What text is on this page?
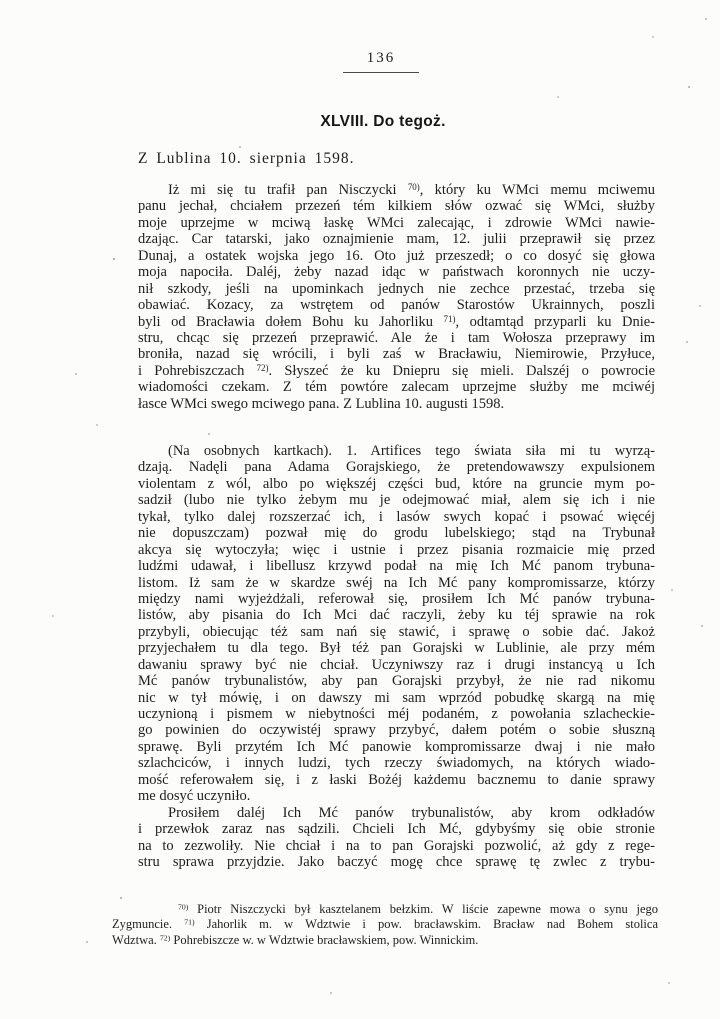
136
XLVIII. Do tegoż.
Z Lublina 10. sierpnia 1598.
Iż mi się tu trafił pan Nisczycki $^{70)}$, który ku WMci memu mciwemu
panu jechał, chciałem przezeń tém kilkiem słów ozwać się WMci, służby
moje uprzejme w mciwą łaskę WMci zalecając, i zdrowie WMci nawie-
dzając. Car tatarski, jako oznajmienie mam, 12. julii przeprawił się przez
Dunaj, a ostatek wojska jego 16. Oto już przeszedł; o co dosyć się głowa
moja napociła. Daléj, żeby nazad idąc w państwach koronnych nie uczy-
nił szkody, jeśli na upominkach jednych nie zechce przestać, trzeba się
obawiać. Kozacy, za wstrętem od panów Starostów Ukrainnych, poszli
byli od Bracławia dołem Bohu ku Jahorliku $^{71)}$, odtamtąd przyparli ku Dnie-
stru, chcąc się przezeń przeprawić. Ale że i tam Wołosza przeprawy im
broniła, nazad się wrócili, i byli zaś w Bracławiu, Niemirowie, Przyłuce,
i Pohrebiszczach $^{72)}$. Słyszeć że ku Dniepru się mieli. Dalszéj o powrocie
wiadomości czekam. Z tém powtóre zalecam uprzejme służby me mciwéj
łasce WMci swego mciwego pana. Z Lublina 10. augusti 1598.
(Na osobnych kartkach). 1. Artifices tego świata siła mi tu wyrzą-
dzają. Nadęli pana Adama Gorajskiego, że pretendowawszy expulsionem
violentam z wól, albo po większéj części bud, które na gruncie mym po-
sadził (lubo nie tylko żebym mu je odejmować miał, alem się ich i nie
tykał, tylko dalej rozszerzać ich, i lasów swych kopać i psować więcéj
nie dopuszczam) pozwał mię do grodu lubelskiego; stąd na Trybunał
akcya się wytoczyła; więc i ustnie i przez pisania rozmaicie mię przed
ludźmi udawał, i libellusz krzywd podał na mię Ich Mć panom trybuna-
listom. Iż sam że w skardze swéj na Ich Mć pany kompromissarze, którzy
między nami wyjeżdżali, referował się, prosiłem Ich Mć panów trybuna-
listów, aby pisania do Ich Mci dać raczyli, żeby ku téj sprawie na rok
przybyli, obiecując téż sam nań się stawić, i sprawę o sobie dać. Jakoż
przyjechałem tu dla tego. Był téż pan Gorajski w Lublinie, ale przy mém
dawaniu sprawy być nie chciał. Uczyniwszy raz i drugi instancyą u Ich
Mć panów trybunalistów, aby pan Gorajski przybył, że nie rad nikomu
nic w tył mówię, i on dawszy mi sam wprzód pobudkę skargą na mię
uczynioną i pismem w niebytności méj podaném, z powołania szlacheckie-
go powinien do oczywistéj sprawy przybyć, dałem potém o sobie słuszną
sprawę. Byli przytém Ich Mć panowie kompromissarze dwaj i nie mało
szlachciców, i innych ludzi, tych rzeczy świadomych, na których wiado-
mość referowałem się, i z łaski Bożéj każdemu bacznemu to danie sprawy
me dosyć uczyniło.
Prosiłem daléj Ich Mć panów trybunalistów, aby krom odkładów
i przewłok zaraz nas sądzili. Chcieli Ich Mć, gdybyśmy się obie stronie
na to zezwoliły. Nie chciał i na to pan Gorajski pozwolić, aż gdy z rege-
stru sprawa przyjdzie. Jako baczyć mogę chce sprawę tę zwlec z trybu-
$^{70)}$ Piotr Niszczycki był kasztelanem bełzkim. W liście zapewne mowa o synu jego
Zygmuncie. $^{71)}$ Jahorlik m. w Wdztwie i pow. bracławskim. Bracław nad Bohem stolica
Wdztwa. $^{72)}$ Pohrebiszcze w. w Wdztwie bracławskiem, pow. Winnickim.
